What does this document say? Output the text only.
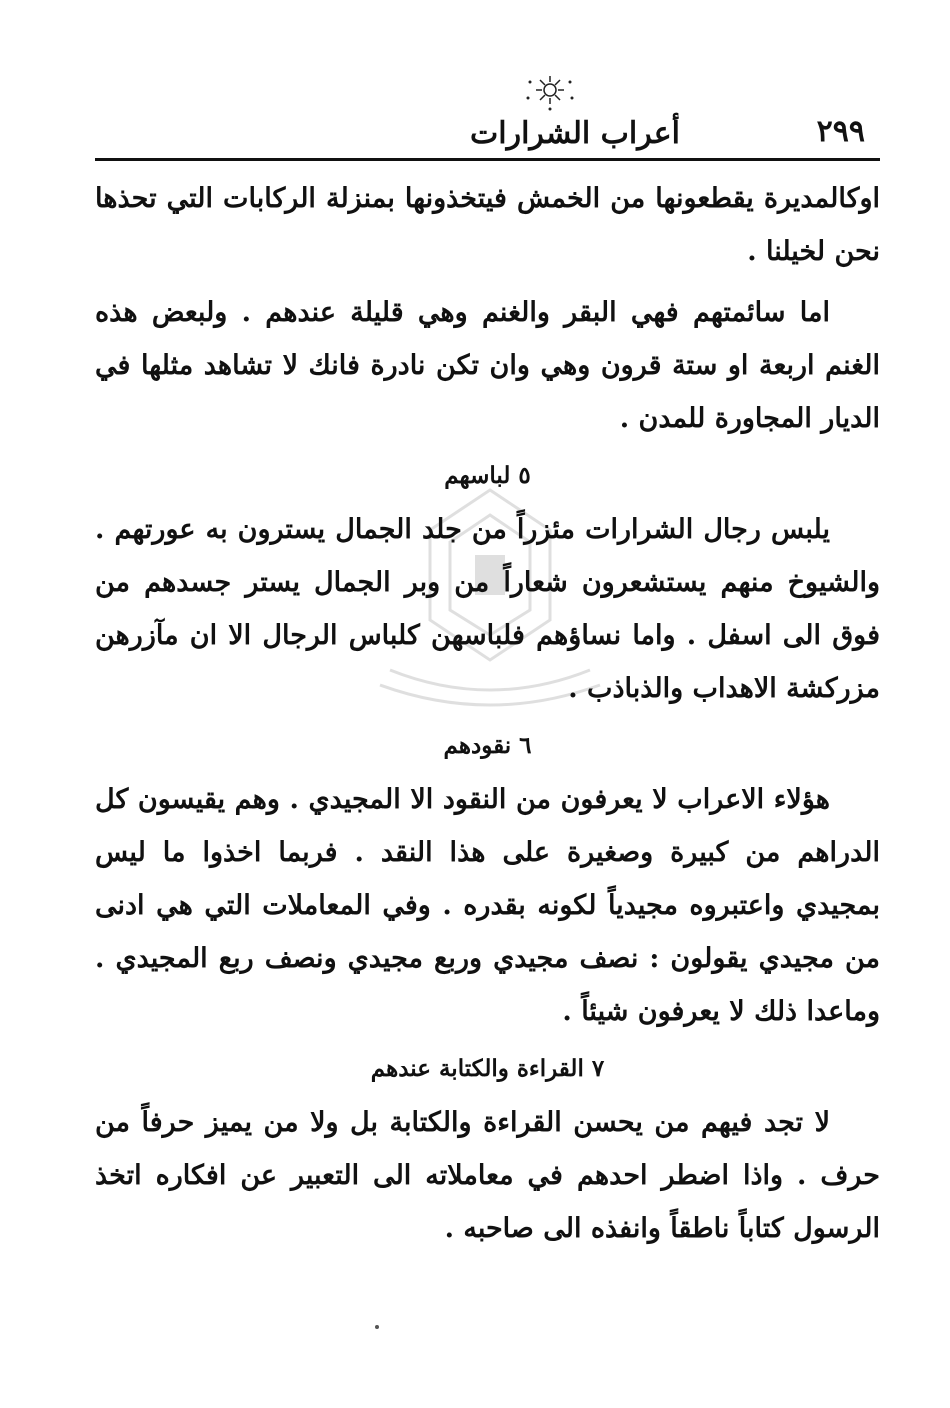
٢٩٩
أعراب الشرارات

اوكالمديرة يقطعونها من الخمش فيتخذونها بمنزلة الركابات التي تحذها نحن لخيلنا .

اما سائمتهم فهي البقر والغنم وهي قليلة عندهم . ولبعض هذه الغنم اربعة او ستة قرون وهي وان تكن نادرة فانك لا تشاهد مثلها في الديار المجاورة للمدن .

٥ لباسهم

يلبس رجال الشرارات مئزراً من جلد الجمال يسترون به عورتهم . والشيوخ منهم يستشعرون شعاراً من وبر الجمال يستر جسدهم من فوق الى اسفل . واما نساؤهم فلباسهن كلباس الرجال الا ان مآزرهن مزركشة الاهداب والذباذب .

٦ نقودهم

هؤلاء الاعراب لا يعرفون من النقود الا المجيدي . وهم يقيسون كل الدراهم من كبيرة وصغيرة على هذا النقد . فربما اخذوا ما ليس بمجيدي واعتبروه مجيدياً لكونه بقدره . وفي المعاملات التي هي ادنى من مجيدي يقولون : نصف مجيدي وربع مجيدي ونصف ربع المجيدي . وماعدا ذلك لا يعرفون شيئاً .

٧ القراءة والكتابة عندهم

لا تجد فيهم من يحسن القراءة والكتابة بل ولا من يميز حرفاً من حرف . واذا اضطر احدهم في معاملاته الى التعبير عن افكاره اتخذ الرسول كتاباً ناطقاً وانفذه الى صاحبه .
